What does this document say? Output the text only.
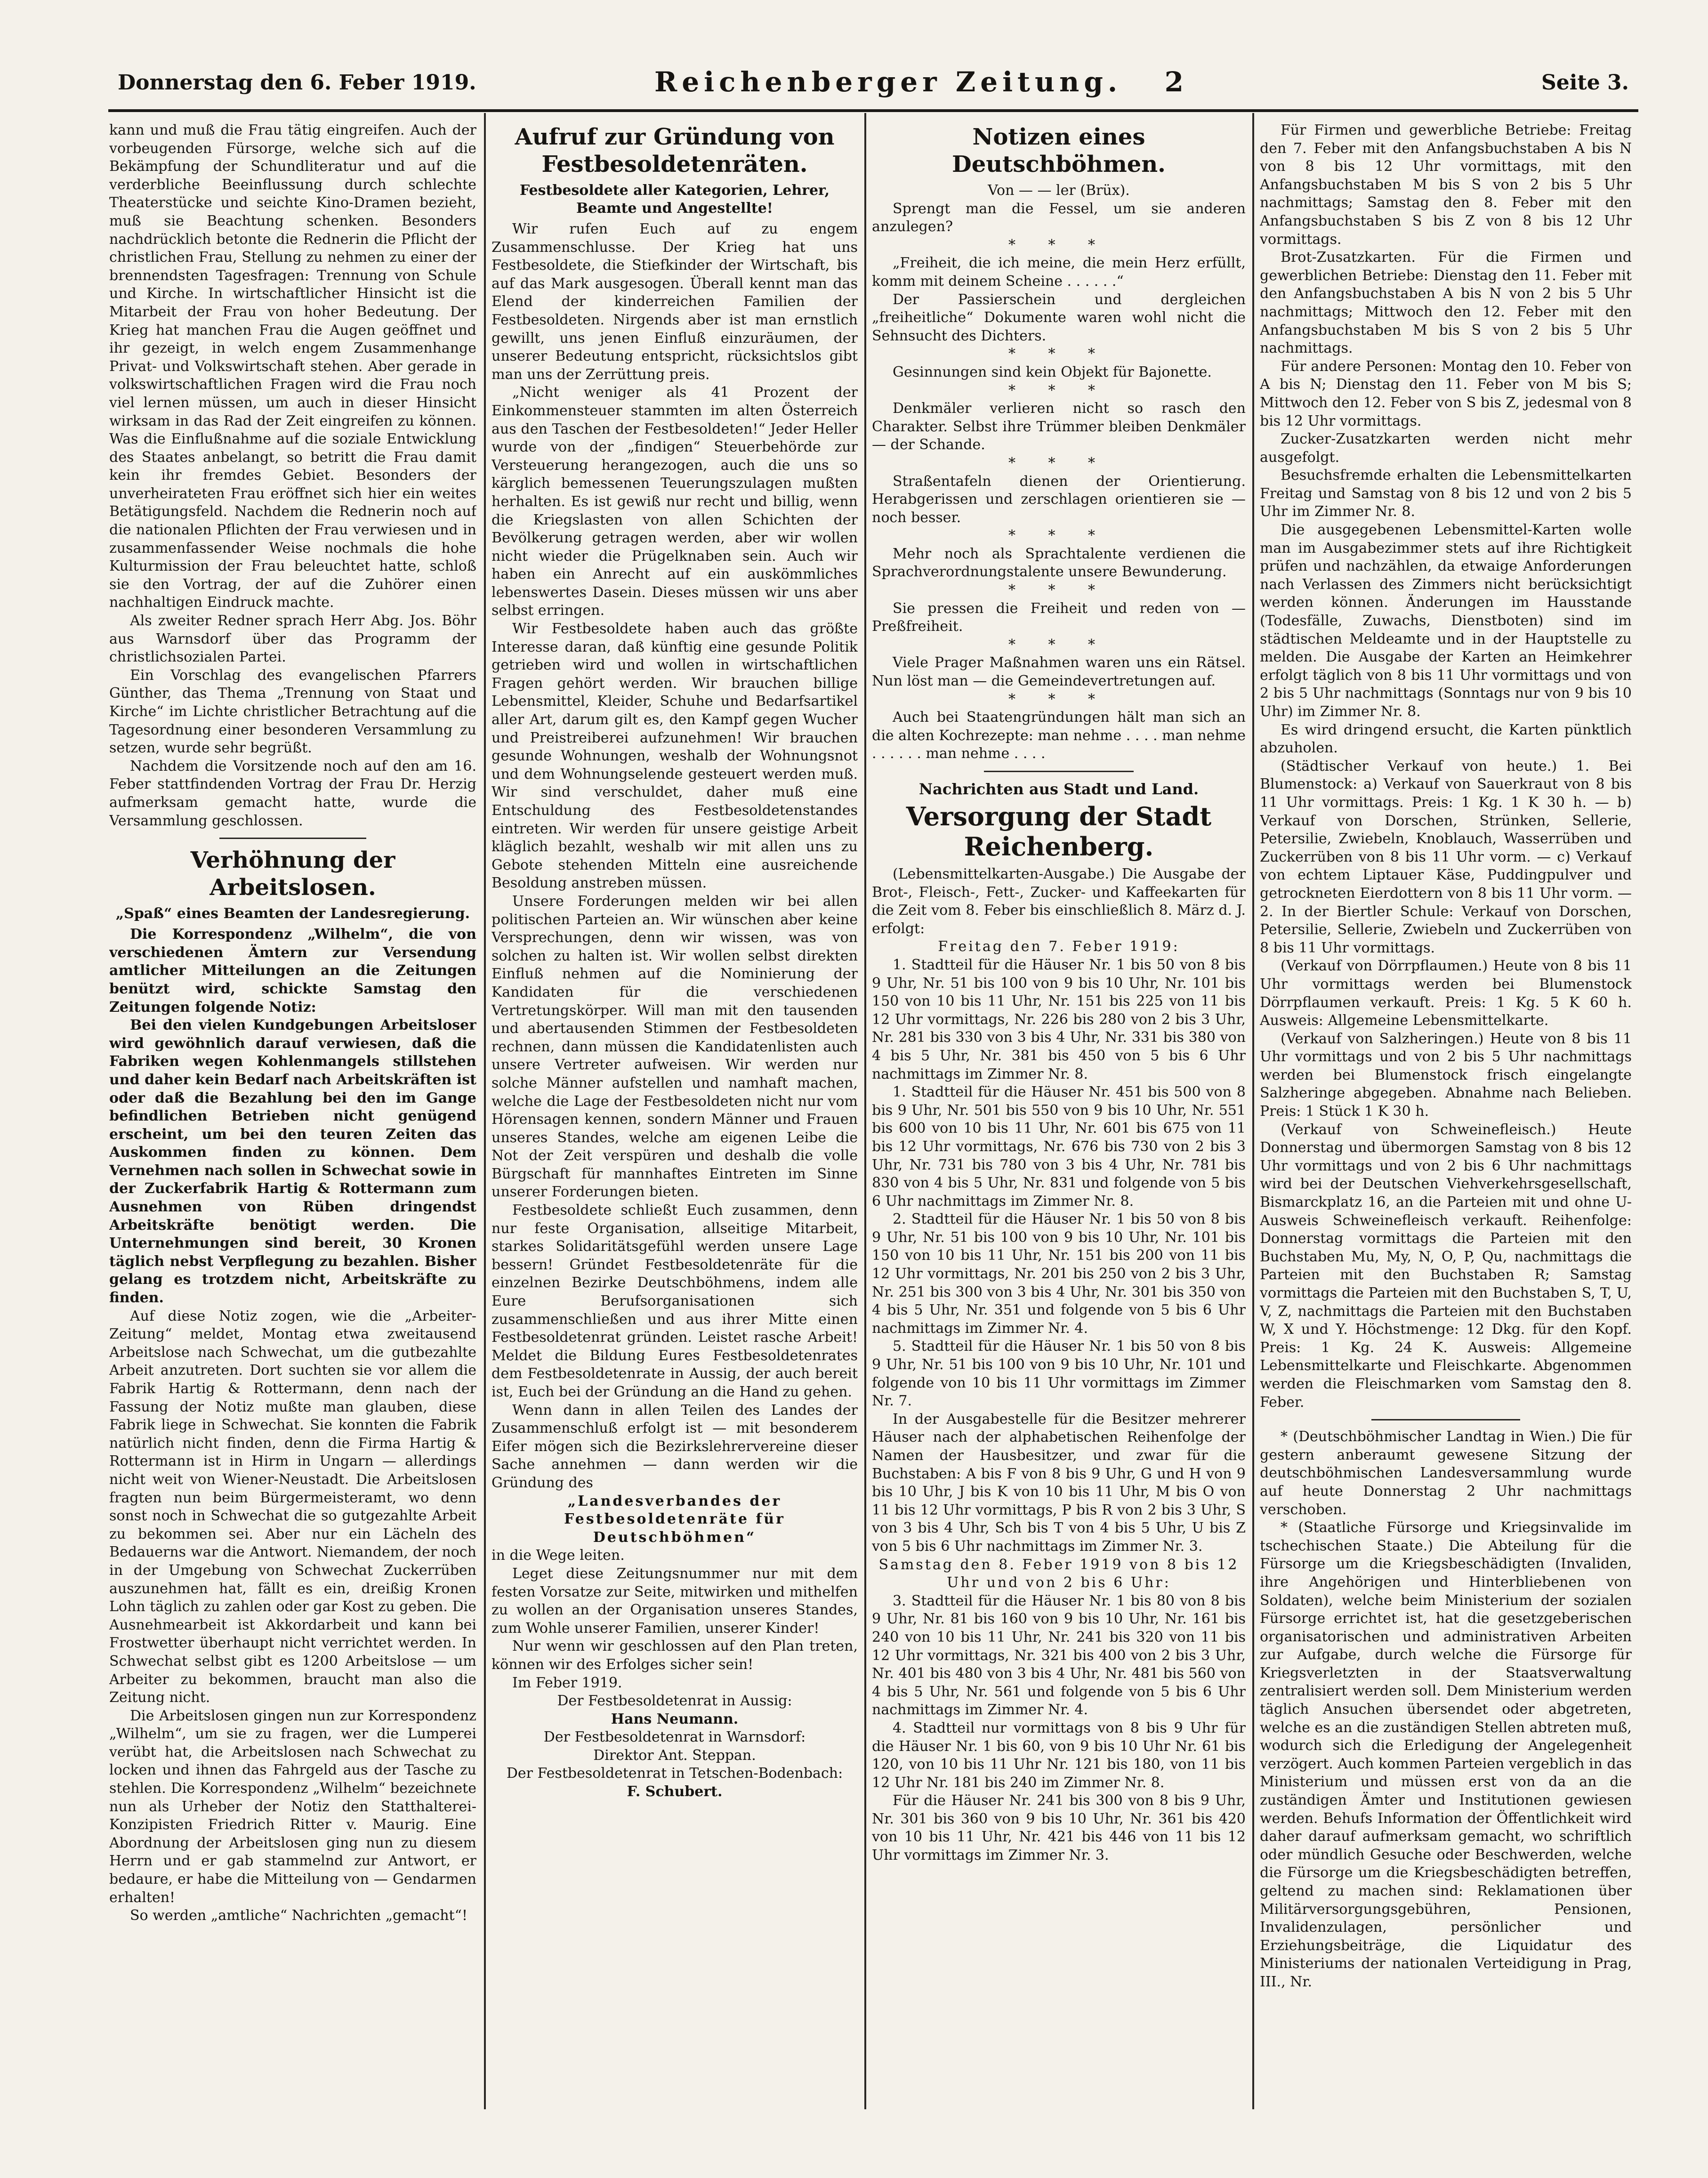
Donnerstag den 6. Feber 1919.	Reichenberger Zeitung. 2	Seite 3.

kann und muß die Frau tätig eingreifen. Auch der vorbeugenden Fürsorge, welche sich auf die Bekämpfung der Schundliteratur und auf die verderbliche Beeinflussung durch schlechte Theaterstücke und seichte Kino-Dramen bezieht, muß sie Beachtung schenken. Besonders nachdrücklich betonte die Rednerin die Pflicht der christlichen Frau, Stellung zu nehmen zu einer der brennendsten Tagesfragen: Trennung von Schule und Kirche. In wirtschaftlicher Hinsicht ist die Mitarbeit der Frau von hoher Bedeutung. Der Krieg hat manchen Frau die Augen geöffnet und ihr gezeigt, in welch engem Zusammenhange Privat- und Volkswirtschaft stehen. Aber gerade in volkswirtschaftlichen Fragen wird die Frau noch viel lernen müssen, um auch in dieser Hinsicht wirksam in das Rad der Zeit eingreifen zu können. Was die Einflußnahme auf die soziale Entwicklung des Staates anbelangt, so betritt die Frau damit kein ihr fremdes Gebiet. Besonders der unverheirateten Frau eröffnet sich hier ein weites Betätigungsfeld. Nachdem die Rednerin noch auf die nationalen Pflichten der Frau verwiesen und in zusammenfassender Weise nochmals die hohe Kulturmission der Frau beleuchtet hatte, schloß sie den Vortrag, der auf die Zuhörer einen nachhaltigen Eindruck machte.

Als zweiter Redner sprach Herr Abg. Jos. Böhr aus Warnsdorf über das Programm der christlichsozialen Partei.

Ein Vorschlag des evangelischen Pfarrers Günther, das Thema „Trennung von Staat und Kirche“ im Lichte christlicher Betrachtung auf die Tagesordnung einer besonderen Versammlung zu setzen, wurde sehr begrüßt.

Nachdem die Vorsitzende noch auf den am 16. Feber stattfindenden Vortrag der Frau Dr. Herzig aufmerksam gemacht hatte, wurde die Versammlung geschlossen.

Verhöhnung der Arbeitslosen.
„Spaß“ eines Beamten der Landesregierung.

Die Korrespondenz „Wilhelm“, die von verschiedenen Ämtern zur Versendung amtlicher Mitteilungen an die Zeitungen benützt wird, schickte Samstag den Zeitungen folgende Notiz:

Bei den vielen Kundgebungen Arbeitsloser wird gewöhnlich darauf verwiesen, daß die Fabriken wegen Kohlenmangels stillstehen und daher kein Bedarf nach Arbeitskräften ist oder daß die Bezahlung bei den im Gange befindlichen Betrieben nicht genügend erscheint, um bei den teuren Zeiten das Auskommen finden zu können. Dem Vernehmen nach sollen in Schwechat sowie in der Zuckerfabrik Hartig & Rottermann zum Ausnehmen von Rüben dringendst Arbeitskräfte benötigt werden. Die Unternehmungen sind bereit, 30 Kronen täglich nebst Verpflegung zu bezahlen. Bisher gelang es trotzdem nicht, Arbeitskräfte zu finden.

Auf diese Notiz zogen, wie die „Arbeiter-Zeitung“ meldet, Montag etwa zweitausend Arbeitslose nach Schwechat, um die gutbezahlte Arbeit anzutreten. Dort suchten sie vor allem die Fabrik Hartig & Rottermann, denn nach der Fassung der Notiz mußte man glauben, diese Fabrik liege in Schwechat. Sie konnten die Fabrik natürlich nicht finden, denn die Firma Hartig & Rottermann ist in Hirm in Ungarn — allerdings nicht weit von Wiener-Neustadt. Die Arbeitslosen fragten nun beim Bürgermeisteramt, wo denn sonst noch in Schwechat die so gutgezahlte Arbeit zu bekommen sei. Aber nur ein Lächeln des Bedauerns war die Antwort. Niemandem, der noch in der Umgebung von Schwechat Zuckerrüben auszunehmen hat, fällt es ein, dreißig Kronen Lohn täglich zu zahlen oder gar Kost zu geben. Die Ausnehmearbeit ist Akkordarbeit und kann bei Frostwetter überhaupt nicht verrichtet werden. In Schwechat selbst gibt es 1200 Arbeitslose — um Arbeiter zu bekommen, braucht man also die Zeitung nicht.

Die Arbeitslosen gingen nun zur Korrespondenz „Wilhelm“, um sie zu fragen, wer die Lumperei verübt hat, die Arbeitslosen nach Schwechat zu locken und ihnen das Fahrgeld aus der Tasche zu stehlen. Die Korrespondenz „Wilhelm“ bezeichnete nun als Urheber der Notiz den Statthalterei-Konzipisten Friedrich Ritter v. Maurig. Eine Abordnung der Arbeitslosen ging nun zu diesem Herrn und er gab stammelnd zur Antwort, er bedaure, er habe die Mitteilung von — Gendarmen erhalten!

So werden „amtliche“ Nachrichten „gemacht“!

Aufruf zur Gründung von Festbesoldetenräten.
Festbesoldete aller Kategorien, Lehrer, Beamte und Angestellte!

Wir rufen Euch auf zu engem Zusammenschlusse. Der Krieg hat uns Festbesoldete, die Stiefkinder der Wirtschaft, bis auf das Mark ausgesogen. Überall kennt man das Elend der kinderreichen Familien der Festbesoldeten. Nirgends aber ist man ernstlich gewillt, uns jenen Einfluß einzuräumen, der unserer Bedeutung entspricht, rücksichtslos gibt man uns der Zerrüttung preis.

„Nicht weniger als 41 Prozent der Einkommensteuer stammten im alten Österreich aus den Taschen der Festbesoldeten!“ Jeder Heller wurde von der „findigen“ Steuerbehörde zur Versteuerung herangezogen, auch die uns so kärglich bemessenen Teuerungszulagen mußten herhalten. Es ist gewiß nur recht und billig, wenn die Kriegslasten von allen Schichten der Bevölkerung getragen werden, aber wir wollen nicht wieder die Prügelknaben sein. Auch wir haben ein Anrecht auf ein auskömmliches lebenswertes Dasein. Dieses müssen wir uns aber selbst erringen.

Wir Festbesoldete haben auch das größte Interesse daran, daß künftig eine gesunde Politik getrieben wird und wollen in wirtschaftlichen Fragen gehört werden. Wir brauchen billige Lebensmittel, Kleider, Schuhe und Bedarfsartikel aller Art, darum gilt es, den Kampf gegen Wucher und Preistreiberei aufzunehmen! Wir brauchen gesunde Wohnungen, weshalb der Wohnungsnot und dem Wohnungselende gesteuert werden muß. Wir sind verschuldet, daher muß eine Entschuldung des Festbesoldetenstandes eintreten. Wir werden für unsere geistige Arbeit kläglich bezahlt, weshalb wir mit allen uns zu Gebote stehenden Mitteln eine ausreichende Besoldung anstreben müssen.

Unsere Forderungen melden wir bei allen politischen Parteien an. Wir wünschen aber keine Versprechungen, denn wir wissen, was von solchen zu halten ist. Wir wollen selbst direkten Einfluß nehmen auf die Nominierung der Kandidaten für die verschiedenen Vertretungskörper. Will man mit den tausenden und abertausenden Stimmen der Festbesoldeten rechnen, dann müssen die Kandidatenlisten auch unsere Vertreter aufweisen. Wir werden nur solche Männer aufstellen und namhaft machen, welche die Lage der Festbesoldeten nicht nur vom Hörensagen kennen, sondern Männer und Frauen unseres Standes, welche am eigenen Leibe die Not der Zeit verspüren und deshalb die volle Bürgschaft für mannhaftes Eintreten im Sinne unserer Forderungen bieten.

Festbesoldete schließt Euch zusammen, denn nur feste Organisation, allseitige Mitarbeit, starkes Solidaritätsgefühl werden unsere Lage bessern! Gründet Festbesoldetenräte für die einzelnen Bezirke Deutschböhmens, indem alle Eure Berufsorganisationen sich zusammenschließen und aus ihrer Mitte einen Festbesoldetenrat gründen. Leistet rasche Arbeit! Meldet die Bildung Eures Festbesoldetenrates dem Festbesoldetenrate in Aussig, der auch bereit ist, Euch bei der Gründung an die Hand zu gehen.

Wenn dann in allen Teilen des Landes der Zusammenschluß erfolgt ist — mit besonderem Eifer mögen sich die Bezirkslehrervereine dieser Sache annehmen — dann werden wir die Gründung des

„Landesverbandes der Festbesoldetenräte für Deutschböhmen“

in die Wege leiten.

Leget diese Zeitungsnummer nur mit dem festen Vorsatze zur Seite, mitwirken und mithelfen zu wollen an der Organisation unseres Standes, zum Wohle unserer Familien, unserer Kinder!

Nur wenn wir geschlossen auf den Plan treten, können wir des Erfolges sicher sein!

Im Feber 1919.

Der Festbesoldetenrat in Aussig:

Hans Neumann.

Der Festbesoldetenrat in Warnsdorf:

Direktor Ant. Steppan.

Der Festbesoldetenrat in Tetschen-Bodenbach:

F. Schubert.

Notizen eines Deutschböhmen.

Von — — ler (Brüx).

Sprengt man die Fessel, um sie anderen anzulegen?

* * *

„Freiheit, die ich meine, die mein Herz erfüllt, komm mit deinem Scheine . . . . . .“

Der Passierschein und dergleichen „freiheitliche“ Dokumente waren wohl nicht die Sehnsucht des Dichters.

* * *

Gesinnungen sind kein Objekt für Bajonette.

* * *

Denkmäler verlieren nicht so rasch den Charakter. Selbst ihre Trümmer bleiben Denkmäler — der Schande.

* * *

Straßentafeln dienen der Orientierung. Herabgerissen und zerschlagen orientieren sie — noch besser.

* * *

Mehr noch als Sprachtalente verdienen die Sprachverordnungstalente unsere Bewunderung.

* * *

Sie pressen die Freiheit und reden von — Preßfreiheit.

* * *

Viele Prager Maßnahmen waren uns ein Rätsel. Nun löst man — die Gemeindevertretungen auf.

* * *

Auch bei Staatengründungen hält man sich an die alten Kochrezepte: man nehme . . . . man nehme . . . . . . man nehme . . . .

Nachrichten aus Stadt und Land.
Versorgung der Stadt Reichenberg.

(Lebensmittelkarten-Ausgabe.) Die Ausgabe der Brot-, Fleisch-, Fett-, Zucker- und Kaffeekarten für die Zeit vom 8. Feber bis einschließlich 8. März d. J. erfolgt:

Freitag den 7. Feber 1919:

1. Stadtteil für die Häuser Nr. 1 bis 50 von 8 bis 9 Uhr, Nr. 51 bis 100 von 9 bis 10 Uhr, Nr. 101 bis 150 von 10 bis 11 Uhr, Nr. 151 bis 225 von 11 bis 12 Uhr vormittags, Nr. 226 bis 280 von 2 bis 3 Uhr, Nr. 281 bis 330 von 3 bis 4 Uhr, Nr. 331 bis 380 von 4 bis 5 Uhr, Nr. 381 bis 450 von 5 bis 6 Uhr nachmittags im Zimmer Nr. 8.

1. Stadtteil für die Häuser Nr. 451 bis 500 von 8 bis 9 Uhr, Nr. 501 bis 550 von 9 bis 10 Uhr, Nr. 551 bis 600 von 10 bis 11 Uhr, Nr. 601 bis 675 von 11 bis 12 Uhr vormittags, Nr. 676 bis 730 von 2 bis 3 Uhr, Nr. 731 bis 780 von 3 bis 4 Uhr, Nr. 781 bis 830 von 4 bis 5 Uhr, Nr. 831 und folgende von 5 bis 6 Uhr nachmittags im Zimmer Nr. 8.

2. Stadtteil für die Häuser Nr. 1 bis 50 von 8 bis 9 Uhr, Nr. 51 bis 100 von 9 bis 10 Uhr, Nr. 101 bis 150 von 10 bis 11 Uhr, Nr. 151 bis 200 von 11 bis 12 Uhr vormittags, Nr. 201 bis 250 von 2 bis 3 Uhr, Nr. 251 bis 300 von 3 bis 4 Uhr, Nr. 301 bis 350 von 4 bis 5 Uhr, Nr. 351 und folgende von 5 bis 6 Uhr nachmittags im Zimmer Nr. 4.

5. Stadtteil für die Häuser Nr. 1 bis 50 von 8 bis 9 Uhr, Nr. 51 bis 100 von 9 bis 10 Uhr, Nr. 101 und folgende von 10 bis 11 Uhr vormittags im Zimmer Nr. 7.

In der Ausgabestelle für die Besitzer mehrerer Häuser nach der alphabetischen Reihenfolge der Namen der Hausbesitzer, und zwar für die Buchstaben: A bis F von 8 bis 9 Uhr, G und H von 9 bis 10 Uhr, J bis K von 10 bis 11 Uhr, M bis O von 11 bis 12 Uhr vormittags, P bis R von 2 bis 3 Uhr, S von 3 bis 4 Uhr, Sch bis T von 4 bis 5 Uhr, U bis Z von 5 bis 6 Uhr nachmittags im Zimmer Nr. 3.

Samstag den 8. Feber 1919 von 8 bis 12 Uhr und von 2 bis 6 Uhr:

3. Stadtteil für die Häuser Nr. 1 bis 80 von 8 bis 9 Uhr, Nr. 81 bis 160 von 9 bis 10 Uhr, Nr. 161 bis 240 von 10 bis 11 Uhr, Nr. 241 bis 320 von 11 bis 12 Uhr vormittags, Nr. 321 bis 400 von 2 bis 3 Uhr, Nr. 401 bis 480 von 3 bis 4 Uhr, Nr. 481 bis 560 von 4 bis 5 Uhr, Nr. 561 und folgende von 5 bis 6 Uhr nachmittags im Zimmer Nr. 4.

4. Stadtteil nur vormittags von 8 bis 9 Uhr für die Häuser Nr. 1 bis 60, von 9 bis 10 Uhr Nr. 61 bis 120, von 10 bis 11 Uhr Nr. 121 bis 180, von 11 bis 12 Uhr Nr. 181 bis 240 im Zimmer Nr. 8.

Für die Häuser Nr. 241 bis 300 von 8 bis 9 Uhr, Nr. 301 bis 360 von 9 bis 10 Uhr, Nr. 361 bis 420 von 10 bis 11 Uhr, Nr. 421 bis 446 von 11 bis 12 Uhr vormittags im Zimmer Nr. 3.

Für Firmen und gewerbliche Betriebe: Freitag den 7. Feber mit den Anfangsbuchstaben A bis N von 8 bis 12 Uhr vormittags, mit den Anfangsbuchstaben M bis S von 2 bis 5 Uhr nachmittags; Samstag den 8. Feber mit den Anfangsbuchstaben S bis Z von 8 bis 12 Uhr vormittags.

Brot-Zusatzkarten. Für die Firmen und gewerblichen Betriebe: Dienstag den 11. Feber mit den Anfangsbuchstaben A bis N von 2 bis 5 Uhr nachmittags; Mittwoch den 12. Feber mit den Anfangsbuchstaben M bis S von 2 bis 5 Uhr nachmittags.

Für andere Personen: Montag den 10. Feber von A bis N; Dienstag den 11. Feber von M bis S; Mittwoch den 12. Feber von S bis Z, jedesmal von 8 bis 12 Uhr vormittags.

Zucker-Zusatzkarten werden nicht mehr ausgefolgt.

Besuchsfremde erhalten die Lebensmittelkarten Freitag und Samstag von 8 bis 12 und von 2 bis 5 Uhr im Zimmer Nr. 8.

Die ausgegebenen Lebensmittel-Karten wolle man im Ausgabezimmer stets auf ihre Richtigkeit prüfen und nachzählen, da etwaige Anforderungen nach Verlassen des Zimmers nicht berücksichtigt werden können. Änderungen im Hausstande (Todesfälle, Zuwachs, Dienstboten) sind im städtischen Meldeamte und in der Hauptstelle zu melden. Die Ausgabe der Karten an Heimkehrer erfolgt täglich von 8 bis 11 Uhr vormittags und von 2 bis 5 Uhr nachmittags (Sonntags nur von 9 bis 10 Uhr) im Zimmer Nr. 8.

Es wird dringend ersucht, die Karten pünktlich abzuholen.

(Städtischer Verkauf von heute.) 1. Bei Blumenstock: a) Verkauf von Sauerkraut von 8 bis 11 Uhr vormittags. Preis: 1 Kg. 1 K 30 h. — b) Verkauf von Dorschen, Strünken, Sellerie, Petersilie, Zwiebeln, Knoblauch, Wasserrüben und Zuckerrüben von 8 bis 11 Uhr vorm. — c) Verkauf von echtem Liptauer Käse, Puddingpulver und getrockneten Eierdottern von 8 bis 11 Uhr vorm. — 2. In der Biertler Schule: Verkauf von Dorschen, Petersilie, Sellerie, Zwiebeln und Zuckerrüben von 8 bis 11 Uhr vormittags.

(Verkauf von Dörrpflaumen.) Heute von 8 bis 11 Uhr vormittags werden bei Blumenstock Dörrpflaumen verkauft. Preis: 1 Kg. 5 K 60 h. Ausweis: Allgemeine Lebensmittelkarte.

(Verkauf von Salzheringen.) Heute von 8 bis 11 Uhr vormittags und von 2 bis 5 Uhr nachmittags werden bei Blumenstock frisch eingelangte Salzheringe abgegeben. Abnahme nach Belieben. Preis: 1 Stück 1 K 30 h.

(Verkauf von Schweinefleisch.) Heute Donnerstag und übermorgen Samstag von 8 bis 12 Uhr vormittags und von 2 bis 6 Uhr nachmittags wird bei der Deutschen Viehverkehrsgesellschaft, Bismarckplatz 16, an die Parteien mit und ohne U-Ausweis Schweinefleisch verkauft. Reihenfolge: Donnerstag vormittags die Parteien mit den Buchstaben Mu, My, N, O, P, Qu, nachmittags die Parteien mit den Buchstaben R; Samstag vormittags die Parteien mit den Buchstaben S, T, U, V, Z, nachmittags die Parteien mit den Buchstaben W, X und Y. Höchstmenge: 12 Dkg. für den Kopf. Preis: 1 Kg. 24 K. Ausweis: Allgemeine Lebensmittelkarte und Fleischkarte. Abgenommen werden die Fleischmarken vom Samstag den 8. Feber.

* (Deutschböhmischer Landtag in Wien.) Die für gestern anberaumt gewesene Sitzung der deutschböhmischen Landesversammlung wurde auf heute Donnerstag 2 Uhr nachmittags verschoben.

* (Staatliche Fürsorge und Kriegsinvalide im tschechischen Staate.) Die Abteilung für die Fürsorge um die Kriegsbeschädigten (Invaliden, ihre Angehörigen und Hinterbliebenen von Soldaten), welche beim Ministerium der sozialen Fürsorge errichtet ist, hat die gesetzgeberischen organisatorischen und administrativen Arbeiten zur Aufgabe, durch welche die Fürsorge für Kriegsverletzten in der Staatsverwaltung zentralisiert werden soll. Dem Ministerium werden täglich Ansuchen übersendet oder abgetreten, welche es an die zuständigen Stellen abtreten muß, wodurch sich die Erledigung der Angelegenheit verzögert. Auch kommen Parteien vergeblich in das Ministerium und müssen erst von da an die zuständigen Ämter und Institutionen gewiesen werden. Behufs Information der Öffentlichkeit wird daher darauf aufmerksam gemacht, wo schriftlich oder mündlich Gesuche oder Beschwerden, welche die Fürsorge um die Kriegsbeschädigten betreffen, geltend zu machen sind: Reklamationen über Militärversorgungsgebühren, Pensionen, Invalidenzulagen, persönlicher und Erziehungsbeiträge, die Liquidatur des Ministeriums der nationalen Verteidigung in Prag, III., Nr.
